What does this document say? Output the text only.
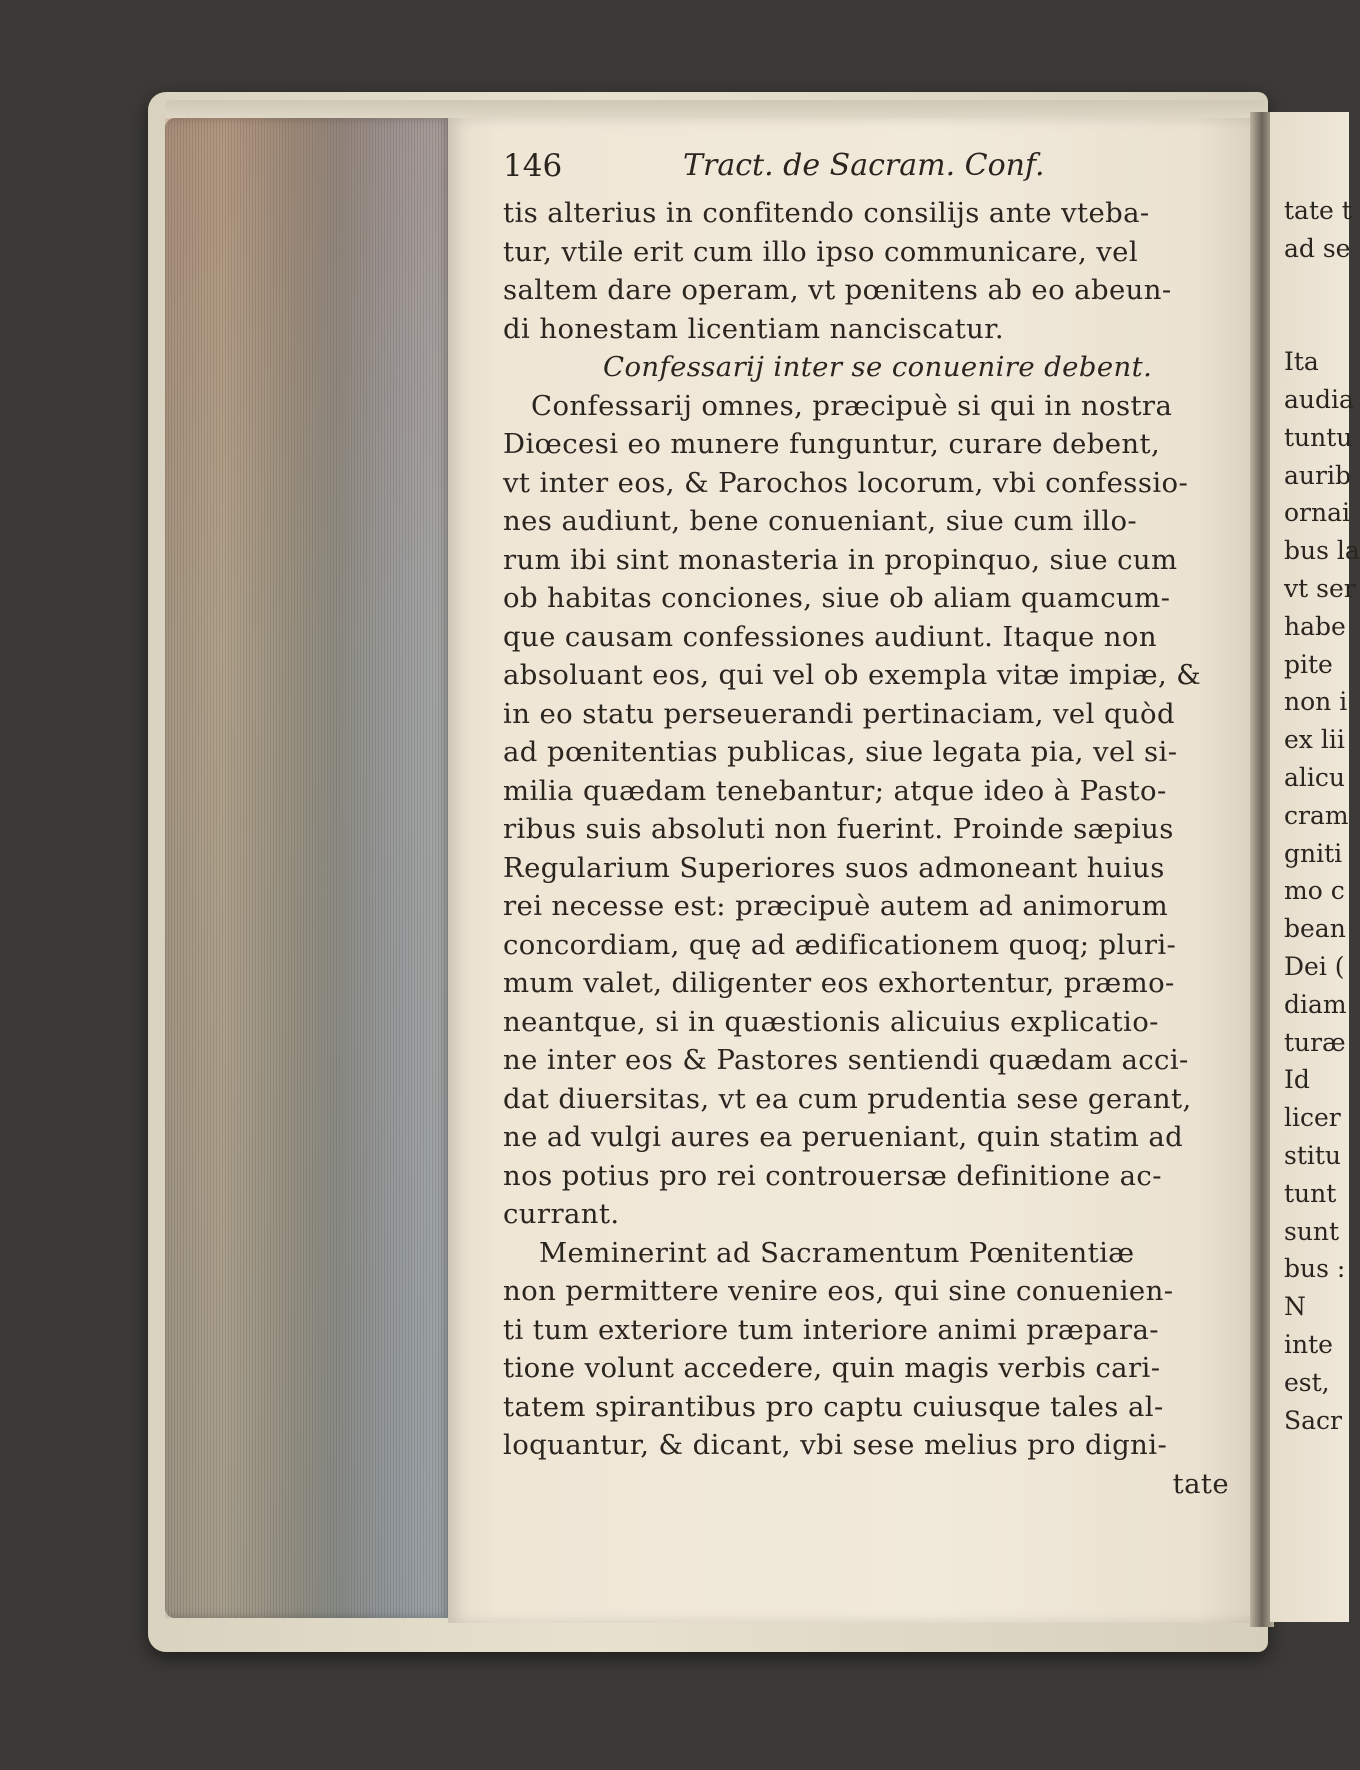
146	Tract. de Sacram. Conf.
tis alterius in confitendo consilijs ante vteba-
tur, vtile erit cum illo ipso communicare, vel
saltem dare operam, vt pœnitens ab eo abeun-
di honestam licentiam nanciscatur.
Confessarij inter se conuenire debent.
Confessarij omnes, præcipuè si qui in nostra
Diœcesi eo munere funguntur, curare debent,
vt inter eos, & Parochos locorum, vbi confessio-
nes audiunt, bene conueniant, siue cum illo-
rum ibi sint monasteria in propinquo, siue cum
ob habitas conciones, siue ob aliam quamcum-
que causam confessiones audiunt. Itaque non
absoluant eos, qui vel ob exempla vitæ impiæ, &
in eo statu perseuerandi pertinaciam, vel quòd
ad pœnitentias publicas, siue legata pia, vel si-
milia quædam tenebantur; atque ideo à Pasto-
ribus suis absoluti non fuerint. Proinde sæpius
Regularium Superiores suos admoneant huius
rei necesse est: præcipuè autem ad animorum
concordiam, quę ad ædificationem quoq; pluri-
mum valet, diligenter eos exhortentur, præmo-
neantque, si in quæstionis alicuius explicatio-
ne inter eos & Pastores sentiendi quædam acci-
dat diuersitas, vt ea cum prudentia sese gerant,
ne ad vulgi aures ea perueniant, quin statim ad
nos potius pro rei controuersæ definitione ac-
currant.
Meminerint ad Sacramentum Pœnitentiæ
non permittere venire eos, qui sine conuenien-
ti tum exteriore tum interiore animi præpara-
tione volunt accedere, quin magis verbis cari-
tatem spirantibus pro captu cuiusque tales al-
loquantur, & dicant, vbi sese melius pro digni-
tate
tate t
ad se
Ita
audia
tuntu
aurib
ornai
bus la
vt ser
habe
pite
non i
ex lii
alicu
cram
gniti
mo c
bean
Dei (
diam
turæ
Id
licer
stitu
tunt
sunt
bus :
N
inte
est,
Sacr
